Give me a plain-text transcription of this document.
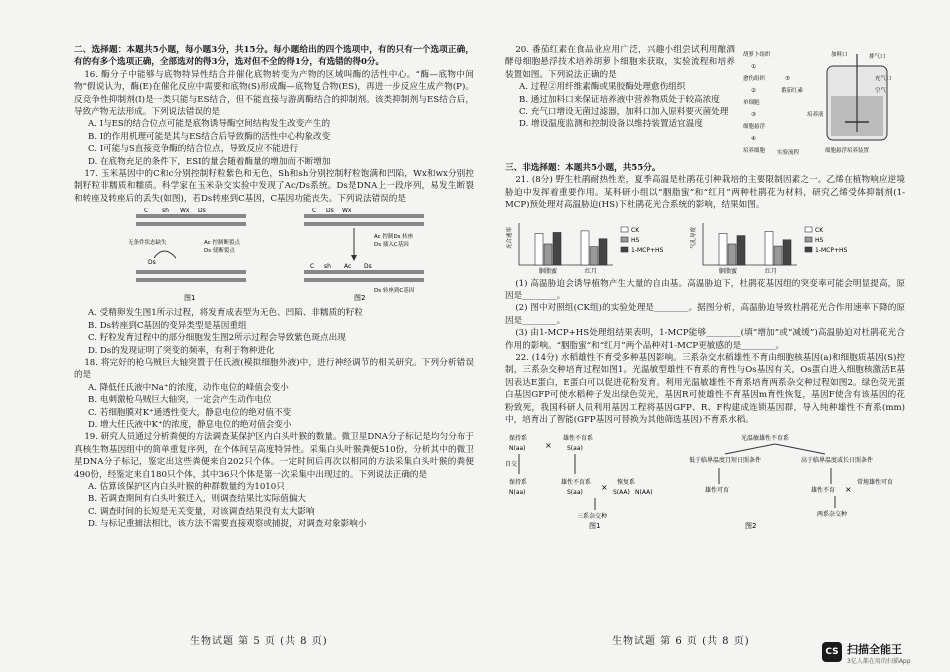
二、选择题：本题共5小题，每小题3分，共15分。每小题给出的四个选项中，有的只有一个选项正确，有的有多个选项正确，全部选对的得3分，选对但不全的得1分，有选错的得0分。

16. 酶分子中能够与底物特异性结合并催化底物转变为产物的区域叫酶的活性中心。“酶—底物中间物”假说认为，酶(E)在催化反应中需要和底物(S)形成酶—底物复合物(ES)，再进一步反应生成产物(P)。反竞争性抑制剂(I)是一类只能与ES结合，但不能直接与游离酶结合的抑制剂。该类抑制剂与ES结合后，导致产物无法形成。下列说法错误的是

A. I与ES的结合位点可能是底物诱导酶空间结构发生改变产生的

B. I的作用机理可能是其与ES结合后导致酶的活性中心构象改变

C. I可能与S直接竞争酶的结合位点，导致反应不能进行

D. 在底物充足的条件下，ESI的量会随着酶量的增加而不断增加

17. 玉米基因中的C和c分别控制籽粒紫色和无色，Sh和sh分别控制籽粒饱满和凹陷，Wx和wx分别控制籽粒非糯质和糯质。科学家在玉米杂交实验中发现了Ac/Ds系统。Ds是DNA上一段序列，易发生断裂和转座及转座后的丢失(如图)，若Ds转座到C基因，C基因功能丧失。下列说法错误的是

C sh Wx Ds
无条件状态缺失	Ac 控制断裂点
Ds 使断裂点
Ds
图1
C Ds Wx
Ac 控制Ds 转座
Ds 插入C基因
C sh Ac Ds
Ds 转座到C基因
图2

A. 受精卵发生图1所示过程，将发育成表型为无色、凹陷、非糯质的籽粒

B. Ds转座到C基因的变异类型是基因重组

C. 籽粒发育过程中的部分细胞发生图2所示过程会导致紫色斑点出现

D. Ds的发现证明了突变的频率，有利于物种进化

18. 将完好的枪乌贼巨大轴突置于任氏液(模拟细胞外液)中，进行神经调节的相关研究。下列分析错误的是

A. 降低任氏液中Na⁺的浓度，动作电位的峰值会变小

B. 电刺激枪乌贼巨大轴突，一定会产生动作电位

C. 若细胞膜对K⁺通透性变大，静息电位的绝对值不变

D. 增大任氏液中K⁺的浓度，静息电位的绝对值会变小

19. 研究人员通过分析粪便的方法调查某保护区内白头叶猴的数量。微卫星DNA分子标记是均匀分布于真核生物基因组中的简单重复序列，在个体间呈高度特异性。采集白头叶猴粪便510份，分析其中的微卫星DNA分子标记，鉴定出这些粪便来自202只个体。一定时间后再次以相同的方法采集白头叶猴的粪便490份，经鉴定来自180只个体，其中36只个体是第一次采集中出现过的。下列说法正确的是

A. 估算该保护区内白头叶猴的种群数量约为1010只

B. 若调查期间有白头叶猴迁入，则调查结果比实际值偏大

C. 调查时间的长短是无关变量，对该调查结果没有太大影响

D. 与标记重捕法相比，该方法不需要直接观察或捕捉，对调查对象影响小

20. 番茄红素在食品业应用广泛，兴趣小组尝试利用酿酒酵母细胞悬浮技术培养胡萝卜细胞来获取，实验流程和培养装置如图。下列说法正确的是

A. 过程②用纤维素酶或果胶酶处理愈伤组织

B. 通过加料口来保证培养液中营养物质处于较高浓度

C. 充气口增设无菌过滤器，加料口加入原料要灭菌处理

D. 增设温度监测和控制设备以维持装置适宜温度

胡萝卜组织
①
愈伤组织
②
单细胞
③
细胞悬浮
④
培养细胞
⑤
番茄红素
实验流程
加料口
充气口
排气口
空气
培养液
细胞悬浮培养装置

三、非选择题：本题共5小题，共55分。

21. (8分) 野生杜鹃耐热性差，夏季高温是杜鹃花引种栽培的主要限制因素之一。乙烯在植物响应逆境胁迫中发挥着重要作用。某科研小组以“胭脂蜜”和“红月”两种杜鹃花为材料，研究乙烯受体抑制剂(1-MCP)预处理对高温胁迫(HS)下杜鹃花光合系统的影响，结果如图。

光合速率	气孔导度
胭脂蜜	红月	胭脂蜜	红月
CK
HS
1-MCP+HS
CK
HS
1-MCP+HS

(1) 高温胁迫会诱导植物产生大量的自由基。高温胁迫下，杜鹃花基因组的突变率可能会明显提高，原因是________。

(2) 图中对照组(CK组)的实验处理是________。据图分析，高温胁迫导致杜鹃花光合作用速率下降的原因是________。

(3) 由1-MCP+HS处理组结果表明，1-MCP能够________(填“增加”或“减缓”)高温胁迫对杜鹃花光合作用的影响。“胭脂蜜”和“红月”两个品种对1-MCP更敏感的是________。

22. (14分) 水稻雄性不育受多种基因影响。三系杂交水稻雄性不育由细胞核基因(a)和细胞质基因(S)控制，三系杂交种培育过程如图1。光温敏型雄性不育系的育性与Os基因有关，Os蛋白进入细胞核激活E基因表达E蛋白，E蛋白可以促进花粉发育。利用光温敏雄性不育系培育两系杂交种过程如图2。绿色荧光蛋白基因GFP可使水稻种子发出绿色荧光，基因R可使雄性不育基因m育性恢复，基因F使含有该基因的花粉致死，我国科研人员利用基因工程将基因GFP、R、F构建成连锁基因群，导入纯种雄性不育系(mm)中，培育出了智能(GFP基因可替换为其他筛选基因)不育系水稻。

保持系
N(aa) ×
雄性不育系
S(aa)
自交
保持系
N(aa)
雄性不育系
S(aa)
×
恢复系
S(AA) N(AA)
三系杂交种
图1
光温敏雄性不育系
低于临界温度且短日照条件	高于临界温度或长日照条件
雄性可育	雄性不育 ×
常规雄性可育
两系杂交种
图2
生物试题 第 5 页 (共 8 页)	生物试题 第 6 页 (共 8 页)
CS 扫描全能王
3亿人都在用的扫描App
